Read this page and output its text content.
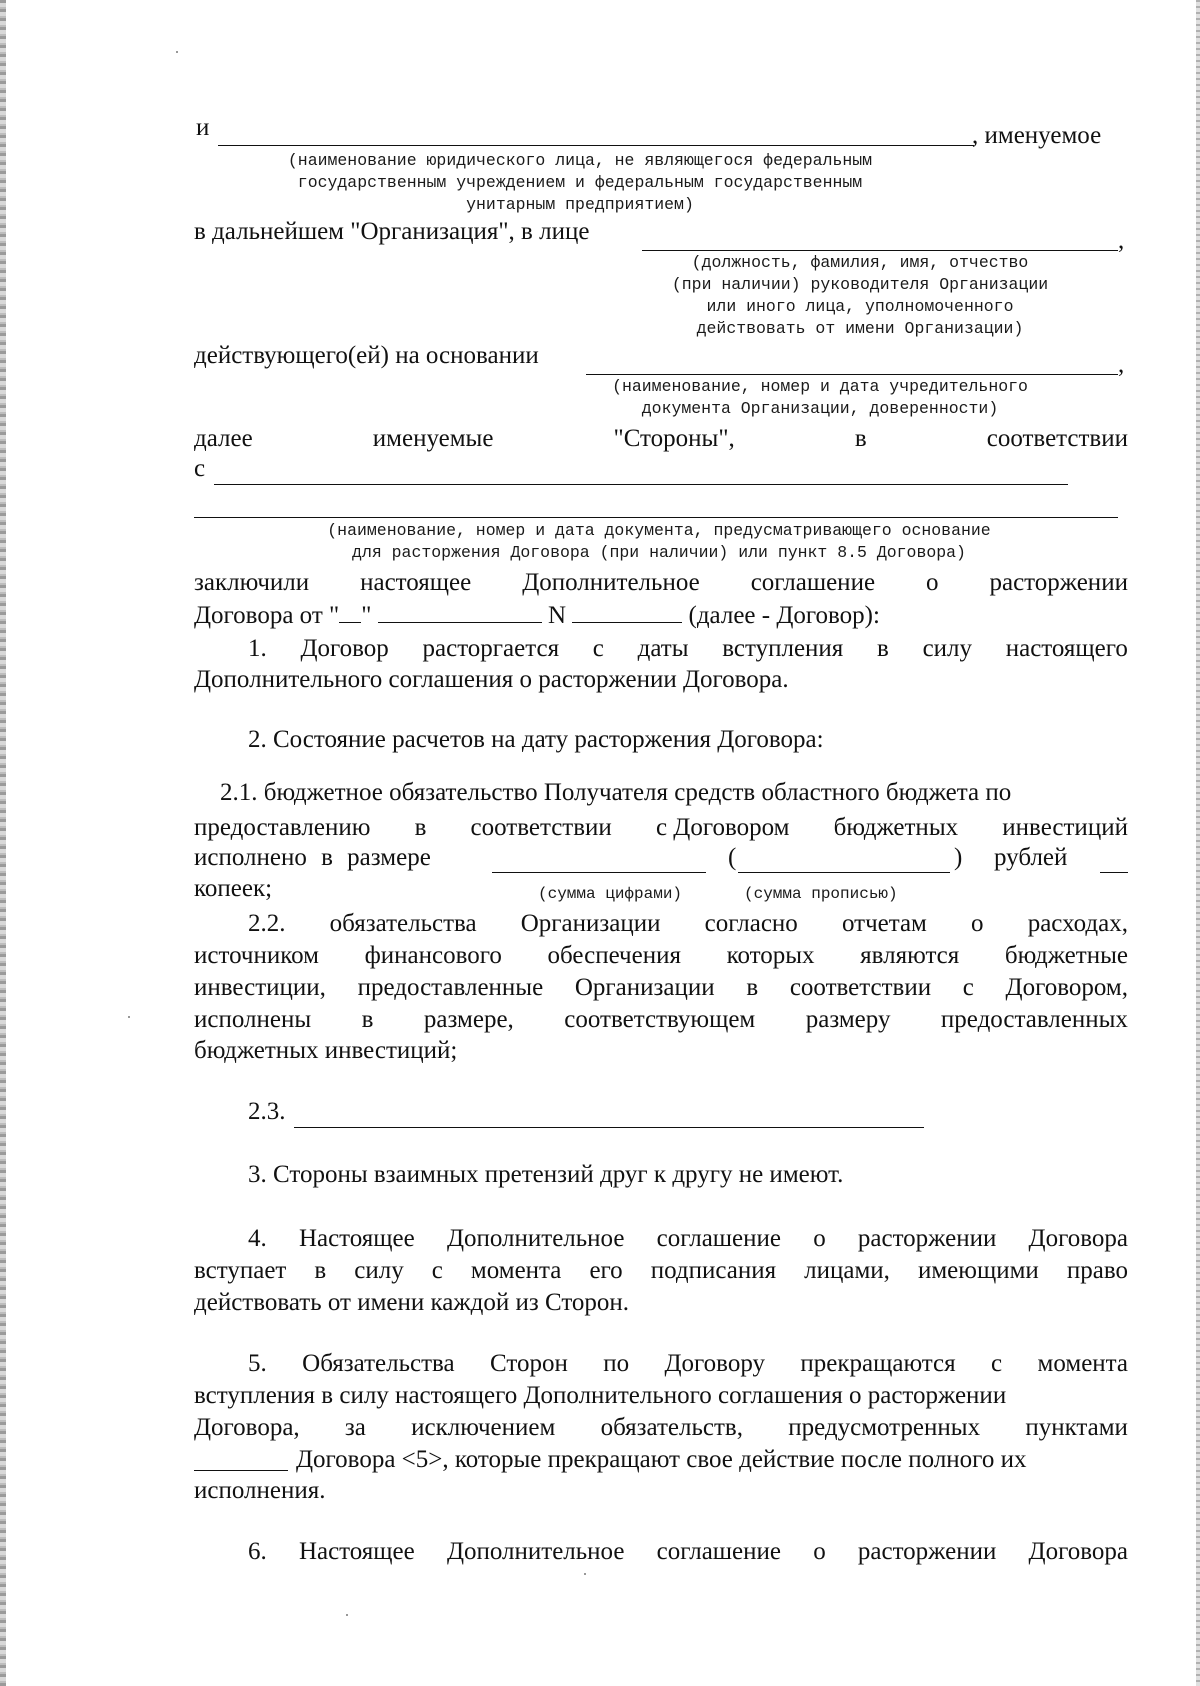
и	, именуемое
(наименование юридического лица, не являющегося федеральным
государственным учреждением и федеральным государственным
унитарным предприятием)
в дальнейшем "Организация", в лице	,
(должность, фамилия, имя, отчество
(при наличии) руководителя Организации
или иного лица, уполномоченного
действовать от имени Организации)
действующего(ей) на основании	,
(наименование, номер и дата учредительного
документа Организации, доверенности)
далее	именуемые	"Стороны",	в	соответствии
с
(наименование, номер и дата документа, предусматривающего основание
для расторжения Договора (при наличии) или пункт 8.5 Договора)
заключили настоящее Дополнительное соглашение о расторжении
Договора от " "	N	(далее - Договор):
1. Договор расторгается с даты вступления в силу настоящего
Дополнительного соглашения о расторжении Договора.
2. Состояние расчетов на дату расторжения Договора:
2.1. бюджетное обязательство Получателя средств областного бюджета по
предоставлению в соответствии с Договором бюджетных инвестиций
исполнено в размере	(	) рублей
копеек;	(сумма цифрами)	(сумма прописью)
2.2. обязательства Организации согласно отчетам о расходах,
источником финансового обеспечения которых являются бюджетные
инвестиции, предоставленные Организации в соответствии с Договором,
исполнены в размере, соответствующем размеру предоставленных
бюджетных инвестиций;
2.3.
3. Стороны взаимных претензий друг к другу не имеют.
4. Настоящее Дополнительное соглашение о расторжении Договора
вступает в силу с момента его подписания лицами, имеющими право
действовать от имени каждой из Сторон.
5. Обязательства Сторон по Договору прекращаются с момента
вступления в силу настоящего Дополнительного соглашения о расторжении
Договора, за исключением обязательств, предусмотренных пунктами
Договора <5>, которые прекращают свое действие после полного их
исполнения.
6. Настоящее Дополнительное соглашение о расторжении Договора
